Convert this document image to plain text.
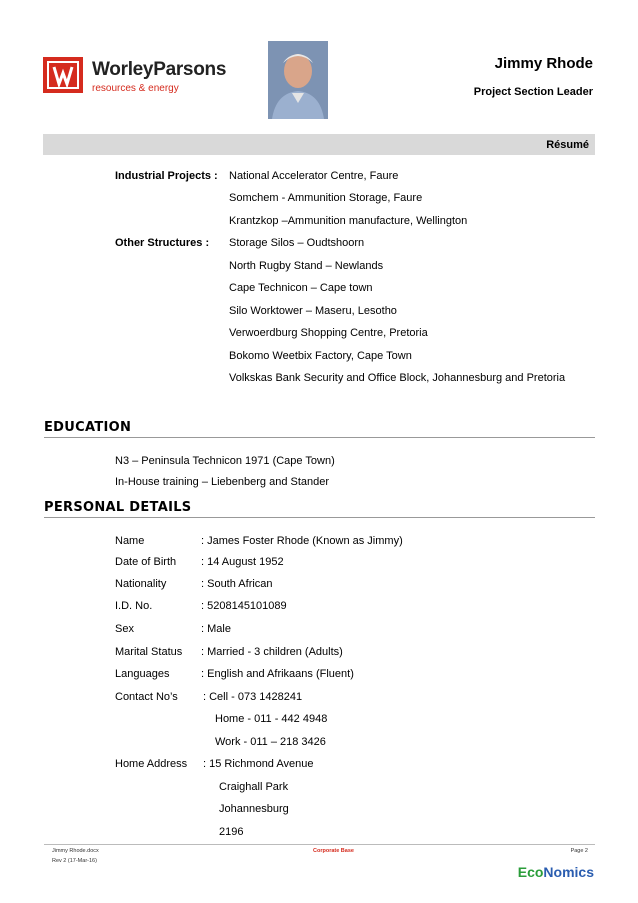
WorleyParsons
resources & energy
Jimmy Rhode
Project Section Leader
Résumé
Industrial Projects : National Accelerator Centre, Faure
Somchem - Ammunition Storage, Faure
Krantzkop –Ammunition manufacture, Wellington
Other Structures : Storage Silos – Oudtshoorn
North Rugby Stand – Newlands
Cape Technicon – Cape town
Silo Worktower – Maseru, Lesotho
Verwoerdburg Shopping Centre, Pretoria
Bokomo Weetbix Factory, Cape Town
Volkskas Bank Security and Office Block, Johannesburg and Pretoria
EDUCATION
N3 – Peninsula Technicon 1971 (Cape Town)
In-House training – Liebenberg and Stander
PERSONAL DETAILS
Name	: James Foster Rhode (Known as Jimmy)
Date of Birth : 14 August 1952
Nationality	: South African
I.D. No.	: 5208145101089
Sex	: Male
Marital Status : Married - 3 children (Adults)
Languages	: English and Afrikaans (Fluent)
Contact No’s : Cell - 073 1428241
Home - 011 - 442 4948
Work - 011 – 218 3426
Home Address : 15 Richmond Avenue
Craighall Park
Johannesburg
2196
Jimmy Rhode.docx
Rev 2 (17-Mar-16)
Corporate Base	Page 2
EcoNomics
